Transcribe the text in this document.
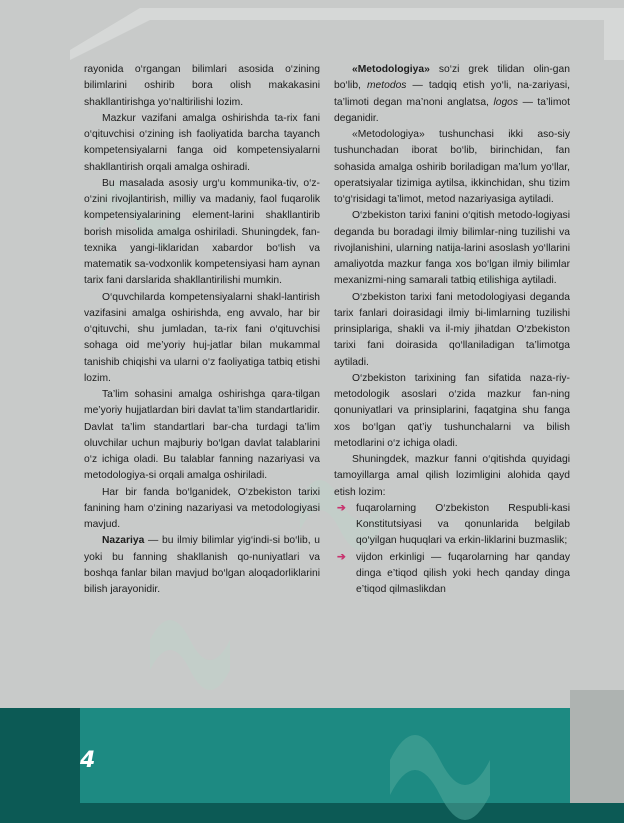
rayonida o‘rgangan bilimlari asosida o‘zining bilimlarini oshirib bora olish makakasini shakllantirishga yo‘naltirilishi lozim.

Mazkur vazifani amalga oshirishda ta-rix fani o‘qituvchisi o‘zining ish faoliyatida barcha tayanch kompetensiyalarni fanga oid kompetensiyalarni shakllantirish orqali amalga oshiradi.

Bu masalada asosiy urg‘u kommunika-tiv, o‘z-o‘zini rivojlantirish, milliy va madaniy, faol fuqarolik kompetensiyalarining element-larini shakllantirib borish misolida amalga oshiriladi. Shuningdek, fan-texnika yangi-liklaridan xabardor bo‘lish va matematik sa-vodxonlik kompetensiyasi ham aynan tarix fani darslarida shakllantirilishi mumkin.

O‘quvchilarda kompetensiyalarni shakl-lantirish vazifasini amalga oshirishda, eng avvalo, har bir o‘qituvchi, shu jumladan, ta-rix fani o‘qituvchisi sohaga oid me’yoriy huj-jatlar bilan mukammal tanishib chiqishi va ularni o‘z faoliyatiga tatbiq etishi lozim.

Ta’lim sohasini amalga oshirishga qara-tilgan me’yoriy hujjatlardan biri davlat ta’lim standartlaridir. Davlat ta’lim standartlari bar-cha turdagi ta’lim oluvchilar uchun majburiy bo‘lgan davlat talablarini o‘z ichiga oladi. Bu talablar fanning nazariyasi va metodologiya-si orqali amalga oshiriladi.

Har bir fanda bo‘lganidek, O‘zbekiston tarixi fanining ham o‘zining nazariyasi va metodologiyasi mavjud.

Nazariya — bu ilmiy bilimlar yig‘indi-si bo‘lib, u yoki bu fanning shakllanish qo-nuniyatlari va boshqa fanlar bilan mavjud bo‘lgan aloqadorliklarini bilish jarayonidir.

«Metodologiya» so‘zi grek tilidan olin-gan bo‘lib, metodos — tadqiq etish yo‘li, na-zariyasi, ta’limoti degan ma’noni anglatsa, logos — ta’limot deganidir.

«Metodologiya» tushunchasi ikki aso-siy tushunchadan iborat bo‘lib, birinchidan, fan sohasida amalga oshirib boriladigan ma’lum yo‘llar, operatsiyalar tizimiga aytilsa, ikkinchidan, shu tizim to‘g‘risidagi ta’limot, metod nazariyasiga aytiladi.

O‘zbekiston tarixi fanini o‘qitish metodo-logiyasi deganda bu boradagi ilmiy bilimlar-ning tuzilishi va rivojlanishini, ularning natija-larini asoslash yo‘llarini amaliyotda mazkur fanga xos bo‘lgan ilmiy bilimlar mexanizmi-ning samarali tatbiq etilishiga aytiladi.

O‘zbekiston tarixi fani metodologiyasi deganda tarix fanlari doirasidagi ilmiy bi-limlarning tuzilishi prinsiplariga, shakli va il-miy jihatdan O‘zbekiston tarixi fani doirasida qo‘llaniladigan ta’limotga aytiladi.

O‘zbekiston tarixining fan sifatida naza-riy-metodologik asoslari o‘zida mazkur fan-ning qonuniyatlari va prinsiplarini, faqatgina shu fanga xos bo‘lgan qat’iy tushunchalarni va bilish metodlarini o‘z ichiga oladi.

Shuningdek, mazkur fanni o‘qitishda quyidagi tamoyillarga amal qilish lozimligini alohida qayd etish lozim:

➔ fuqarolarning O‘zbekiston Respubli-kasi Konstitutsiyasi va qonunlarida belgilab qo‘yilgan huquqlari va erkin-liklarini buzmaslik;
➔ vijdon erkinligi — fuqarolarning har qanday dinga e’tiqod qilish yoki hech qanday dinga e’tiqod qilmaslikdan
4
